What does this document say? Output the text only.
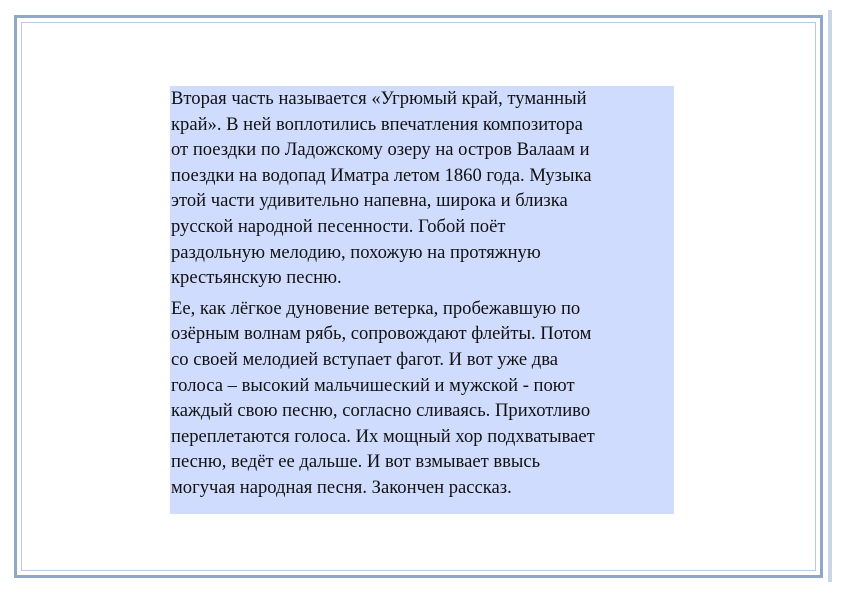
Вторая часть называется «Угрюмый край, туманный
край». В ней воплотились впечатления композитора
от поездки по Ладожскому озеру на остров Валаам и
поездки на водопад Иматра летом 1860 года. Музыка
этой части удивительно напевна, широка и близка
русской народной песенности. Гобой поёт
раздольную мелодию, похожую на протяжную
крестьянскую песню.

Ее, как лёгкое дуновение ветерка, пробежавшую по
озёрным волнам рябь, сопровождают флейты. Потом
со своей мелодией вступает фагот. И вот уже два
голоса – высокий мальчишеский и мужской - поют
каждый свою песню, согласно сливаясь. Прихотливо
переплетаются голоса. Их мощный хор подхватывает
песню, ведёт ее дальше. И вот взмывает ввысь
могучая народная песня. Закончен рассказ.
